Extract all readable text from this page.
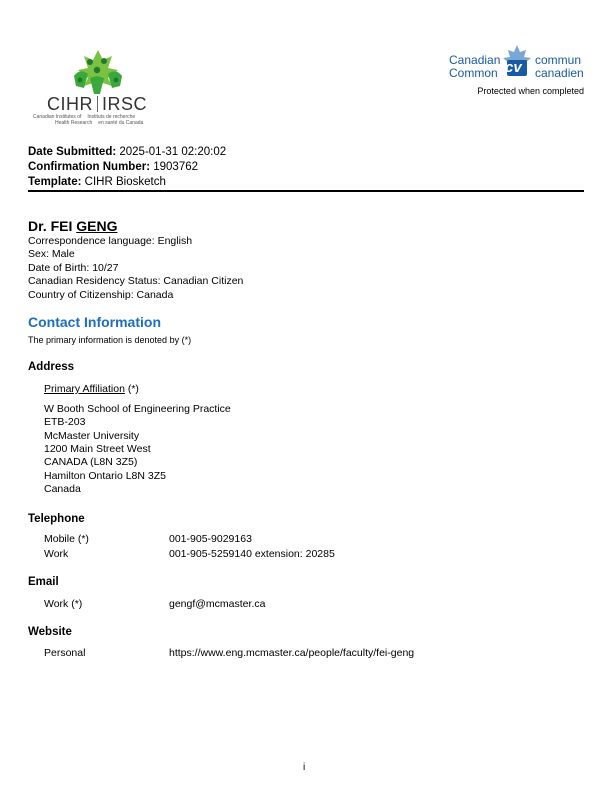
CIHR IRSC
Canadian Institutes of Instituts de recherche
Health Research en santé du Canada
Canadian
Common cv commun
canadien
Protected when completed
Date Submitted: 2025-01-31 02:20:02
Confirmation Number: 1903762
Template: CIHR Biosketch
Dr. FEI GENG
Correspondence language: English
Sex: Male
Date of Birth: 10/27
Canadian Residency Status: Canadian Citizen
Country of Citizenship: Canada
Contact Information
The primary information is denoted by (*)
Address
Primary Affiliation (*)
W Booth School of Engineering Practice
ETB-203
McMaster University
1200 Main Street West
CANADA (L8N 3Z5)
Hamilton Ontario L8N 3Z5
Canada
Telephone
Mobile (*)	001-905-9029163
Work	001-905-5259140 extension: 20285
Email
Work (*)	gengf@mcmaster.ca
Website
Personal	https://www.eng.mcmaster.ca/people/faculty/fei-geng
i
